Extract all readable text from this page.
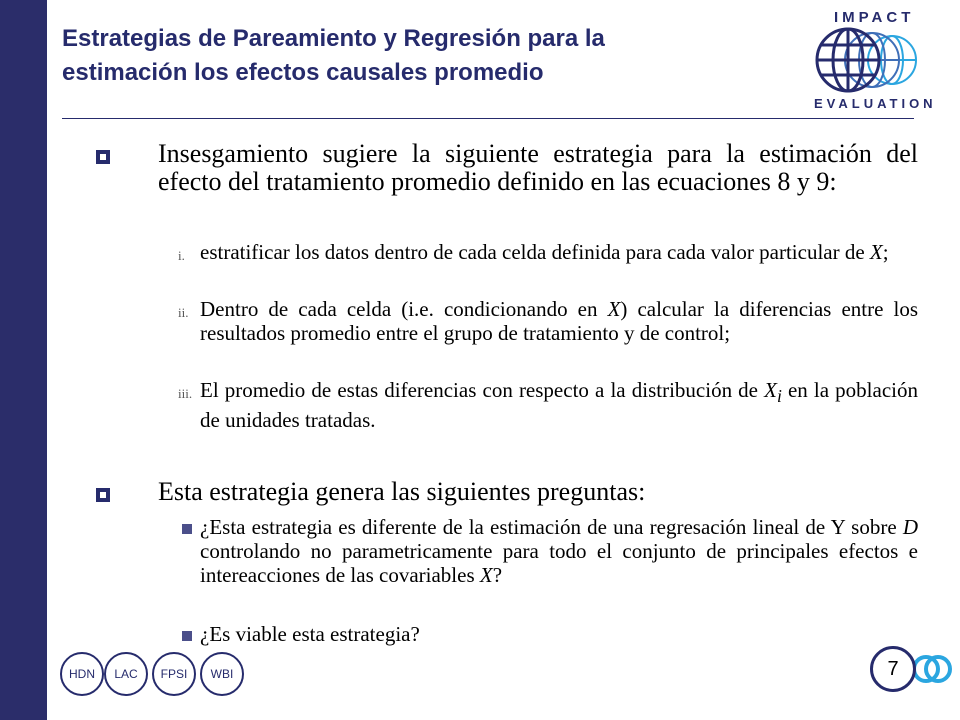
Estrategias de Pareamiento y Regresión para la
estimación los efectos causales promedio
IMPACT
EVALUATION
Insesgamiento sugiere la siguiente estrategia para la estimación del efecto del tratamiento promedio definido en las ecuaciones 8 y 9:
i. estratificar los datos dentro de cada celda definida para cada valor particular de X;
ii. Dentro de cada celda (i.e. condicionando en X) calcular la diferencias entre los resultados promedio entre el grupo de tratamiento y de control;
iii. El promedio de estas diferencias con respecto a la distribución de $X_i$ en la población de unidades tratadas.
Esta estrategia genera las siguientes preguntas:
¿Esta estrategia es diferente de la estimación de una regresación lineal de Y sobre D controlando no parametricamente para todo el conjunto de principales efectos e intereacciones de las covariables X?
¿Es viable esta estrategia?
HDN	LAC	FPSI	WBI	7
